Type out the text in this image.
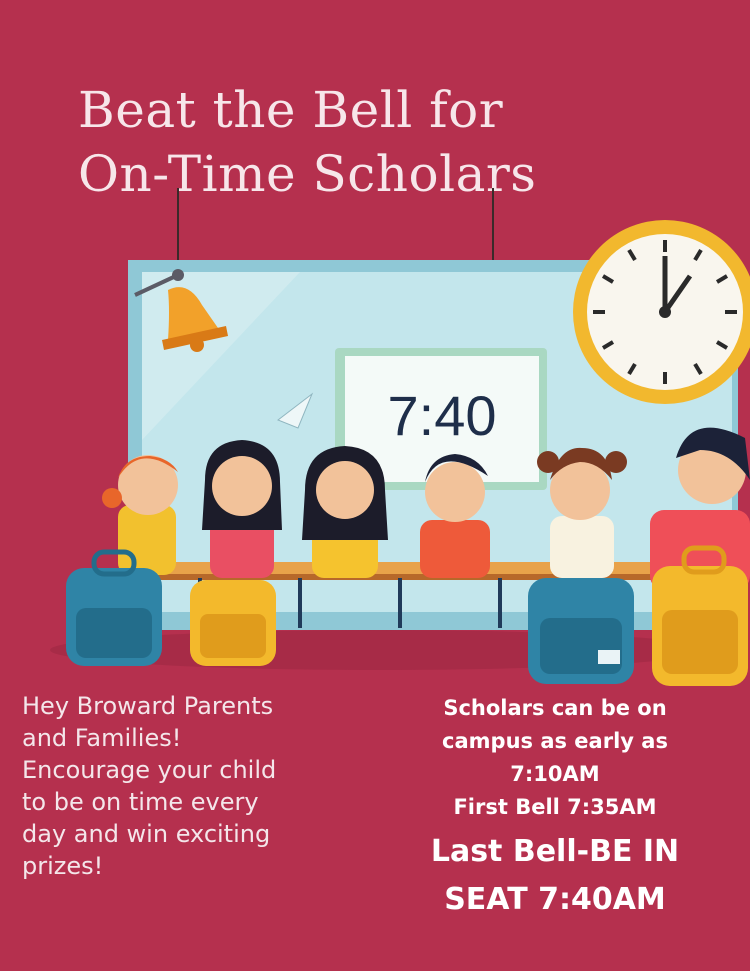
Beat the Bell for
On-Time Scholars
7:40
Hey Broward Parents
and Families!
Encourage your child
to be on time every
day and win exciting
prizes!
Scholars can be on
campus as early as
7:10AM
First Bell 7:35AM
Last Bell-BE IN
SEAT 7:40AM
